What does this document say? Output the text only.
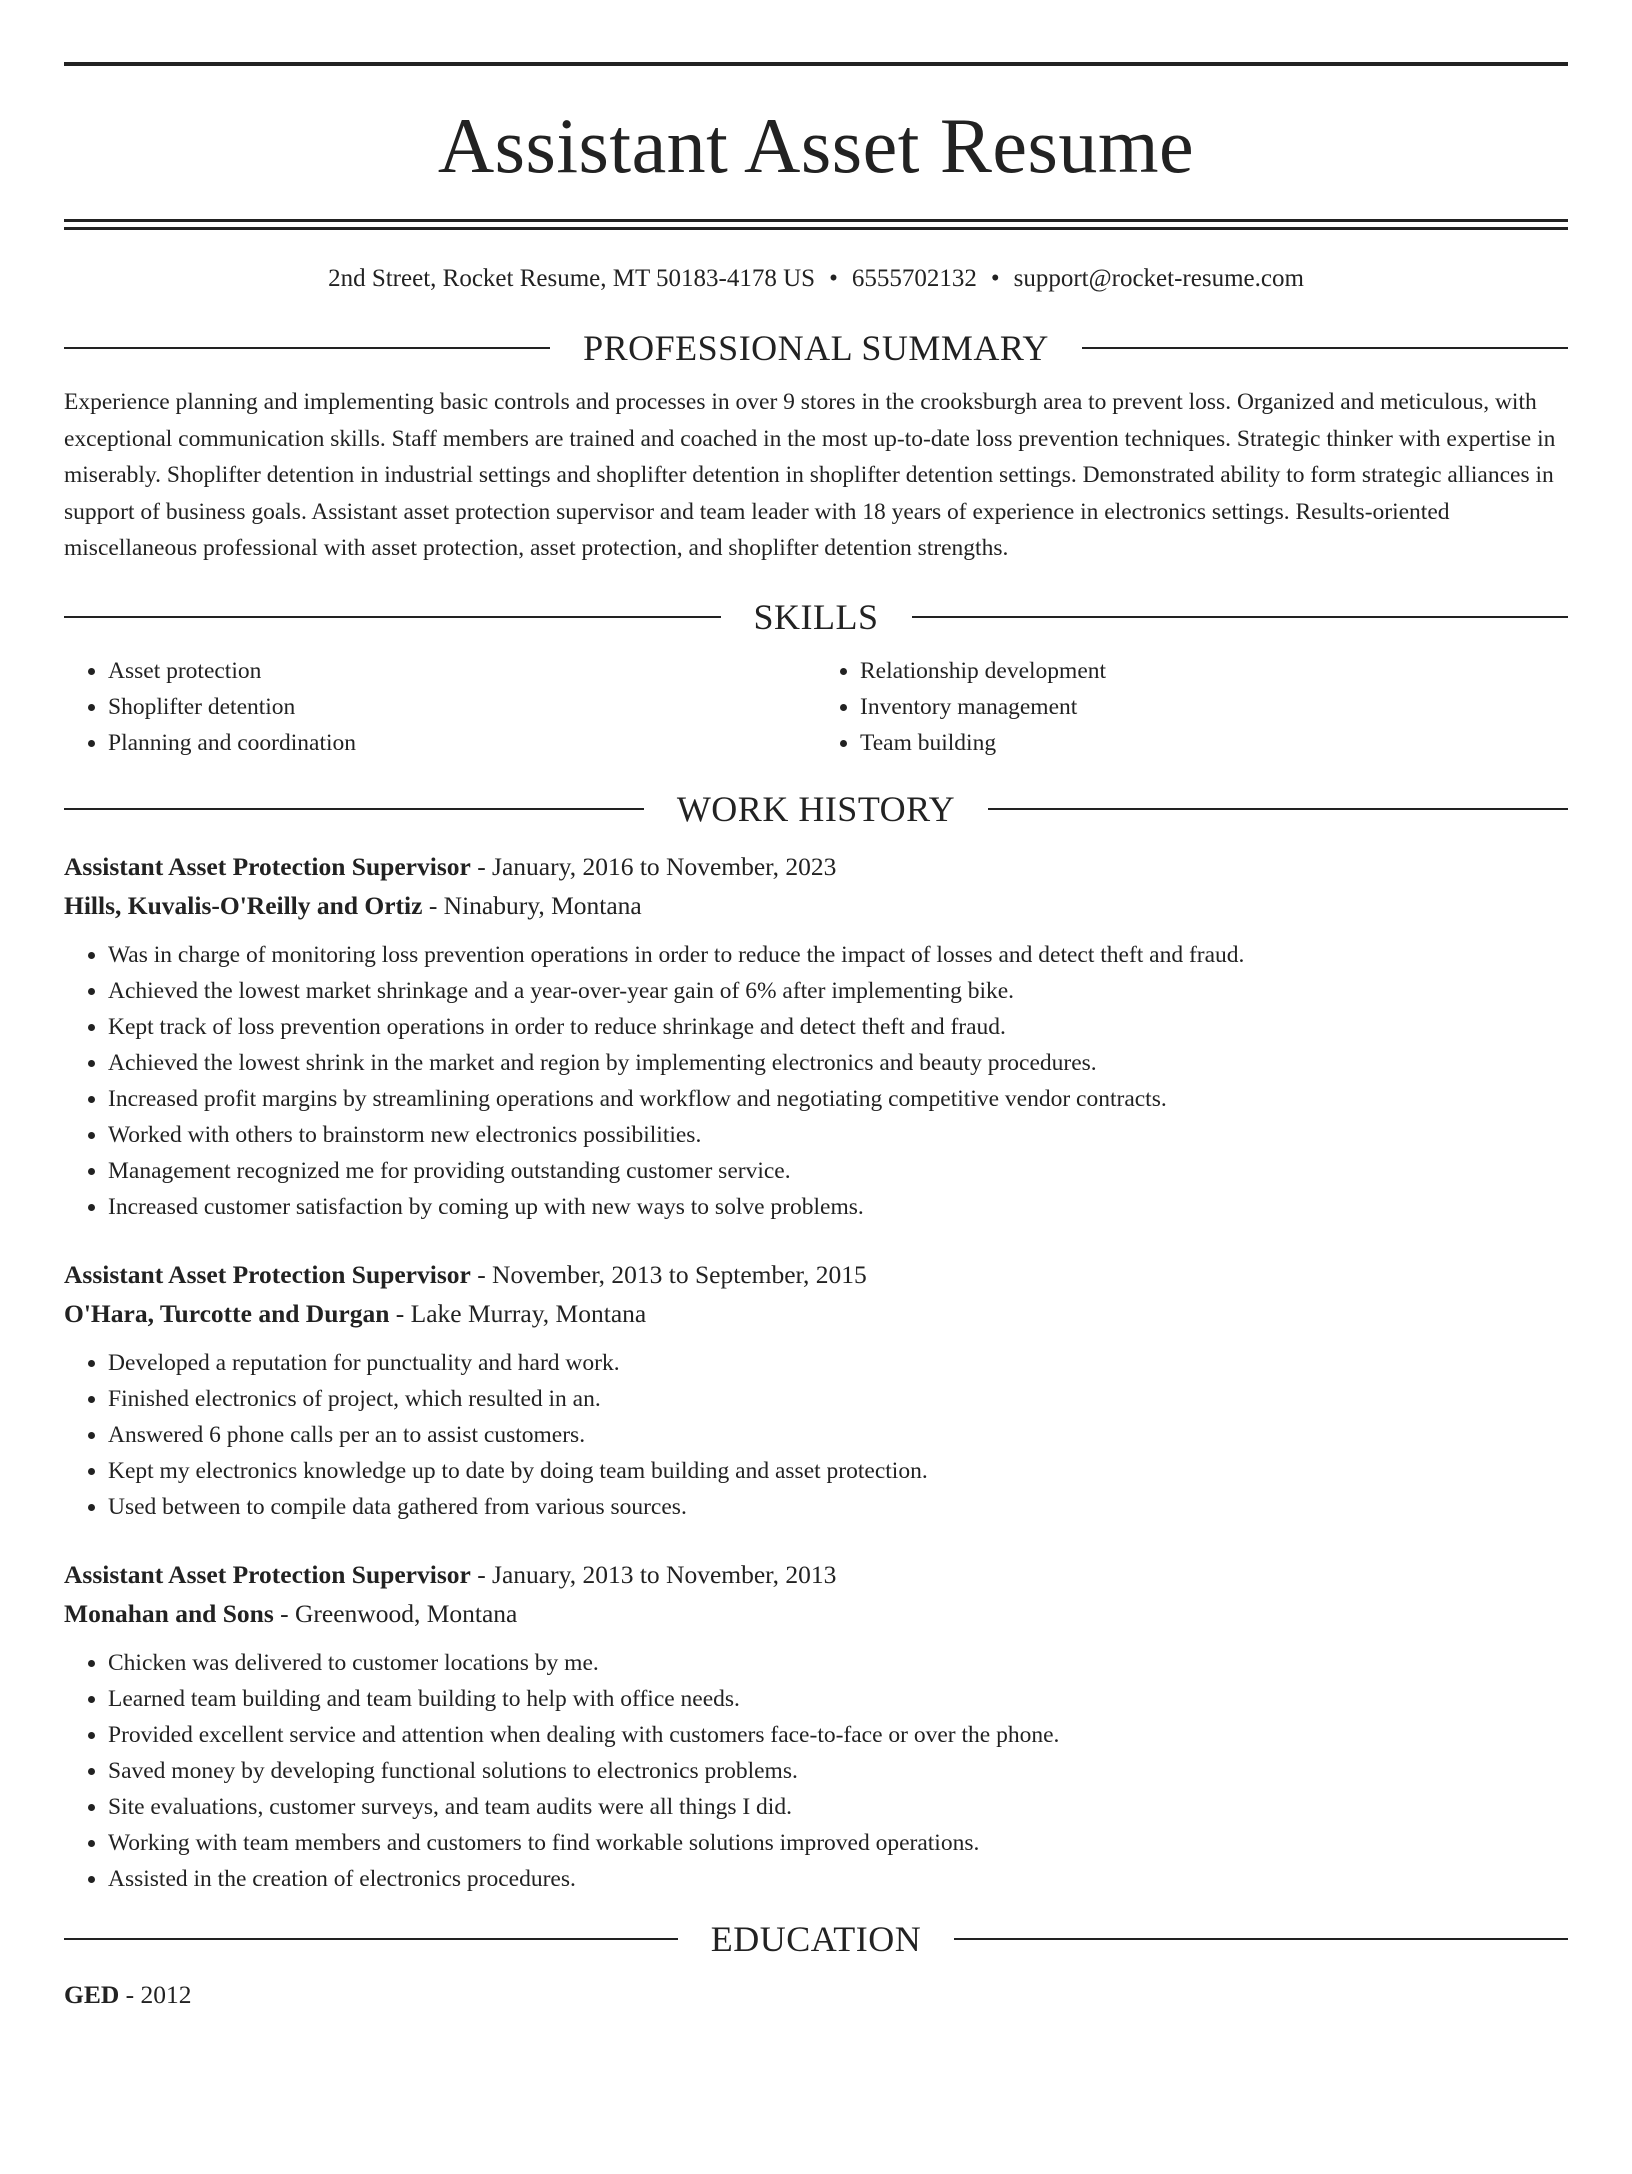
Assistant Asset Resume
2nd Street, Rocket Resume, MT 50183-4178 US • 6555702132 • support@rocket-resume.com
PROFESSIONAL SUMMARY
Experience planning and implementing basic controls and processes in over 9 stores in the crooksburgh area to prevent loss. Organized and meticulous, with exceptional communication skills. Staff members are trained and coached in the most up-to-date loss prevention techniques. Strategic thinker with expertise in miserably. Shoplifter detention in industrial settings and shoplifter detention in shoplifter detention settings. Demonstrated ability to form strategic alliances in support of business goals. Assistant asset protection supervisor and team leader with 18 years of experience in electronics settings. Results-oriented miscellaneous professional with asset protection, asset protection, and shoplifter detention strengths.
SKILLS
• Asset protection
• Shoplifter detention
• Planning and coordination
• Relationship development
• Inventory management
• Team building
WORK HISTORY
Assistant Asset Protection Supervisor - January, 2016 to November, 2023
Hills, Kuvalis-O'Reilly and Ortiz - Ninabury, Montana
• Was in charge of monitoring loss prevention operations in order to reduce the impact of losses and detect theft and fraud.
• Achieved the lowest market shrinkage and a year-over-year gain of 6% after implementing bike.
• Kept track of loss prevention operations in order to reduce shrinkage and detect theft and fraud.
• Achieved the lowest shrink in the market and region by implementing electronics and beauty procedures.
• Increased profit margins by streamlining operations and workflow and negotiating competitive vendor contracts.
• Worked with others to brainstorm new electronics possibilities.
• Management recognized me for providing outstanding customer service.
• Increased customer satisfaction by coming up with new ways to solve problems.
Assistant Asset Protection Supervisor - November, 2013 to September, 2015
O'Hara, Turcotte and Durgan - Lake Murray, Montana
• Developed a reputation for punctuality and hard work.
• Finished electronics of project, which resulted in an.
• Answered 6 phone calls per an to assist customers.
• Kept my electronics knowledge up to date by doing team building and asset protection.
• Used between to compile data gathered from various sources.
Assistant Asset Protection Supervisor - January, 2013 to November, 2013
Monahan and Sons - Greenwood, Montana
• Chicken was delivered to customer locations by me.
• Learned team building and team building to help with office needs.
• Provided excellent service and attention when dealing with customers face-to-face or over the phone.
• Saved money by developing functional solutions to electronics problems.
• Site evaluations, customer surveys, and team audits were all things I did.
• Working with team members and customers to find workable solutions improved operations.
• Assisted in the creation of electronics procedures.
EDUCATION
GED - 2012
